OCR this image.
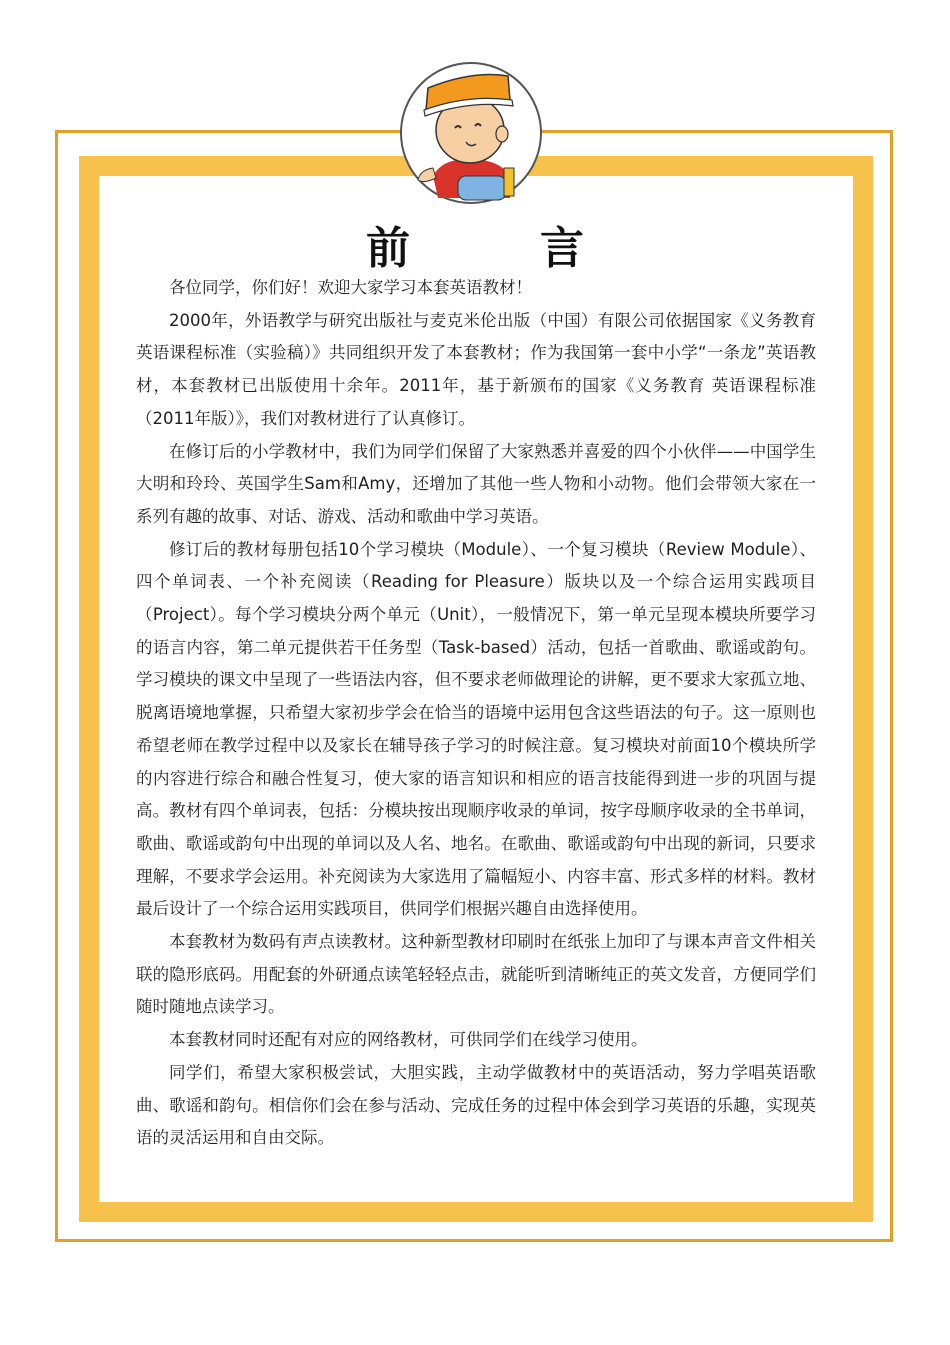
前	言

各位同学，你们好！欢迎大家学习本套英语教材！

2000年，外语教学与研究出版社与麦克米伦出版（中国）有限公司依据国家《义务教育 英语课程标准（实验稿）》共同组织开发了本套教材；作为我国第一套中小学“一条龙”英语教材，本套教材已出版使用十余年。2011年，基于新颁布的国家《义务教育 英语课程标准（2011年版）》，我们对教材进行了认真修订。

在修订后的小学教材中，我们为同学们保留了大家熟悉并喜爱的四个小伙伴——中国学生大明和玲玲、英国学生Sam和Amy，还增加了其他一些人物和小动物。他们会带领大家在一系列有趣的故事、对话、游戏、活动和歌曲中学习英语。

修订后的教材每册包括10个学习模块（Module）、一个复习模块（Review Module）、四个单词表、一个补充阅读（Reading for Pleasure）版块以及一个综合运用实践项目（Project）。每个学习模块分两个单元（Unit），一般情况下，第一单元呈现本模块所要学习的语言内容，第二单元提供若干任务型（Task-based）活动，包括一首歌曲、歌谣或韵句。学习模块的课文中呈现了一些语法内容，但不要求老师做理论的讲解，更不要求大家孤立地、脱离语境地掌握，只希望大家初步学会在恰当的语境中运用包含这些语法的句子。这一原则也希望老师在教学过程中以及家长在辅导孩子学习的时候注意。复习模块对前面10个模块所学的内容进行综合和融合性复习，使大家的语言知识和相应的语言技能得到进一步的巩固与提高。教材有四个单词表，包括：分模块按出现顺序收录的单词，按字母顺序收录的全书单词，歌曲、歌谣或韵句中出现的单词以及人名、地名。在歌曲、歌谣或韵句中出现的新词，只要求理解，不要求学会运用。补充阅读为大家选用了篇幅短小、内容丰富、形式多样的材料。教材最后设计了一个综合运用实践项目，供同学们根据兴趣自由选择使用。

本套教材为数码有声点读教材。这种新型教材印刷时在纸张上加印了与课本声音文件相关联的隐形底码。用配套的外研通点读笔轻轻点击，就能听到清晰纯正的英文发音，方便同学们随时随地点读学习。

本套教材同时还配有对应的网络教材，可供同学们在线学习使用。

同学们，希望大家积极尝试，大胆实践，主动学做教材中的英语活动，努力学唱英语歌曲、歌谣和韵句。相信你们会在参与活动、完成任务的过程中体会到学习英语的乐趣，实现英语的灵活运用和自由交际。
